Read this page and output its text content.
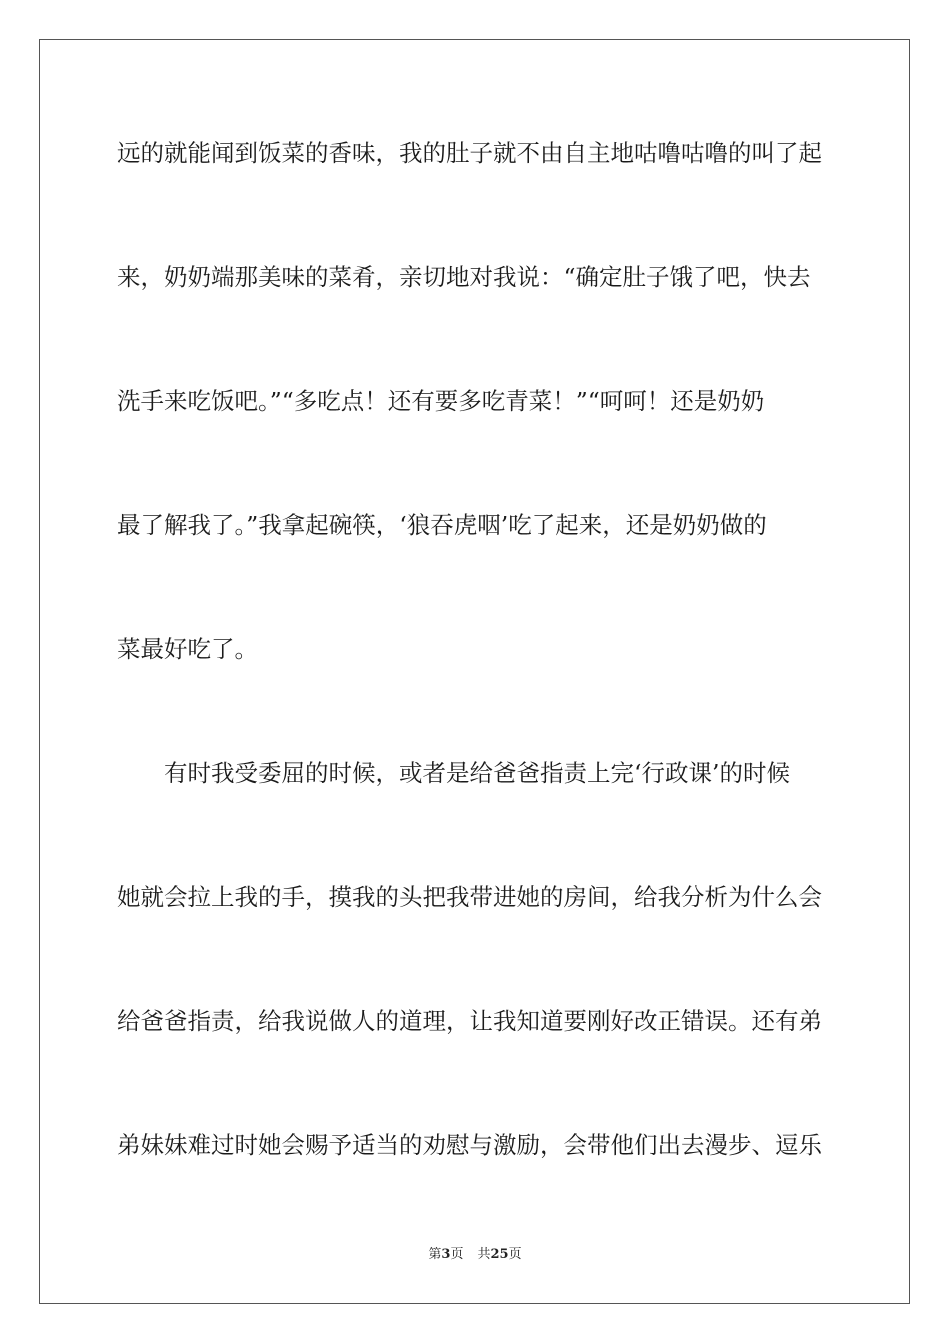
远的就能闻到饭菜的香味，我的肚子就不由自主地咕噜咕噜的叫了起
来，奶奶端那美味的菜肴，亲切地对我说：“确定肚子饿了吧，快去
洗手来吃饭吧。”“多吃点！还有要多吃青菜！”“呵呵！还是奶奶
最了解我了。”我拿起碗筷，‘狼吞虎咽’吃了起来，还是奶奶做的
菜最好吃了。
有时我受委屈的时候，或者是给爸爸指责上完‘行政课’的时候
她就会拉上我的手，摸我的头把我带进她的房间，给我分析为什么会
给爸爸指责，给我说做人的道理，让我知道要刚好改正错误。还有弟
弟妹妹难过时她会赐予适当的劝慰与激励，会带他们出去漫步、逗乐
第3页 共25页
